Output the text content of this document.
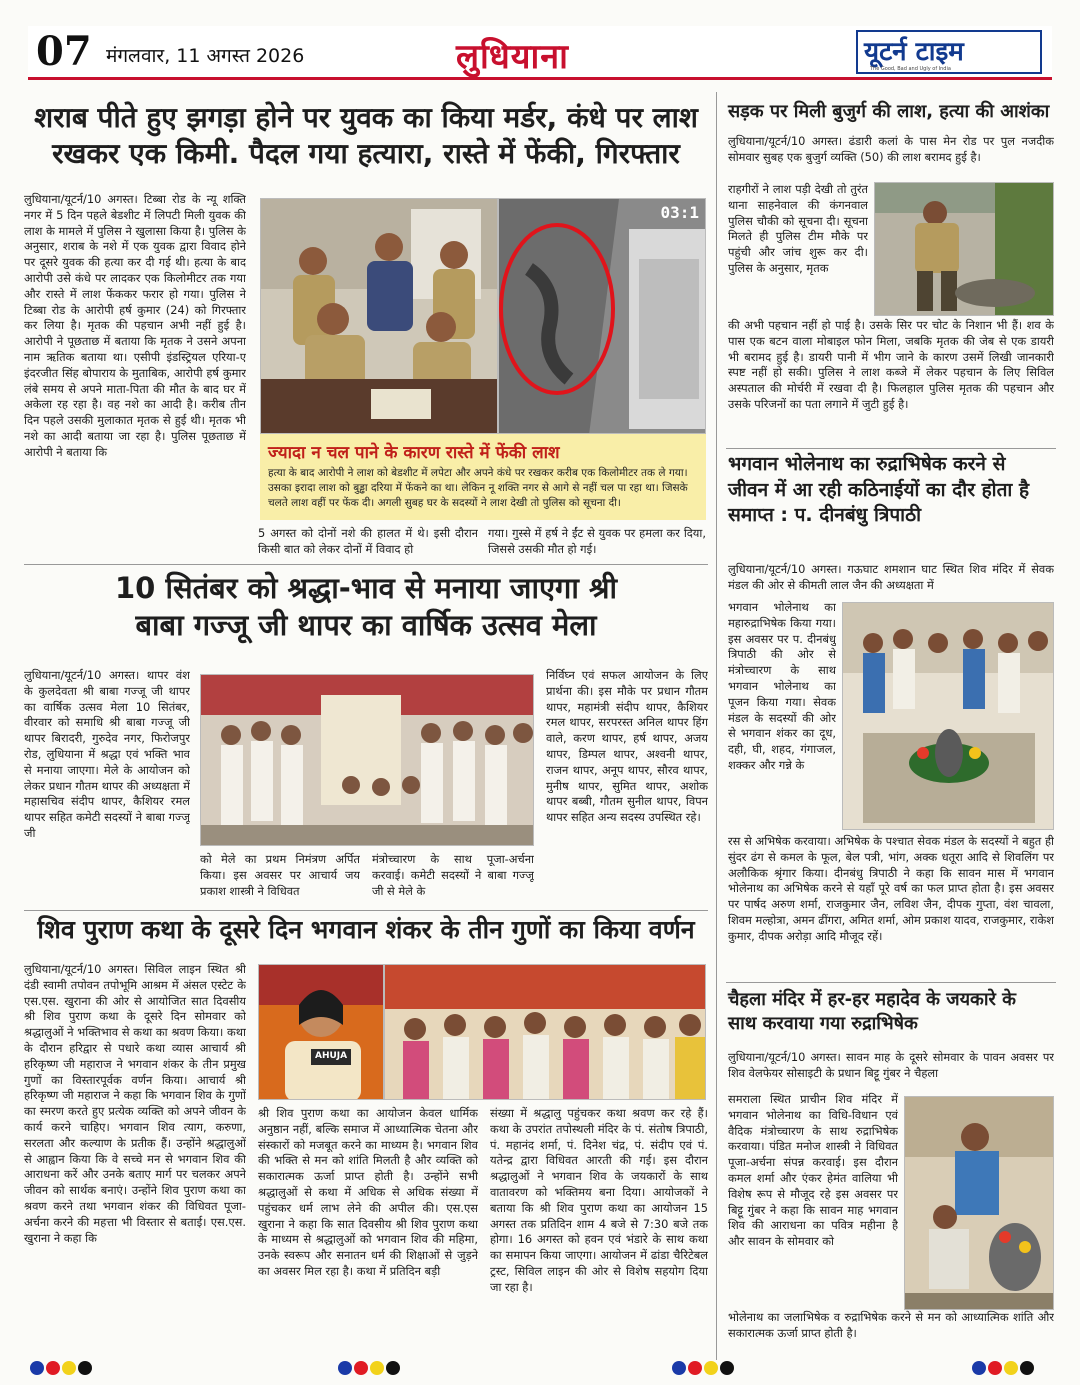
07 मंगलवार, 11 अगस्त 2026	लुधियाना	यूटर्न टाइम
The Good, Bad and Ugly of India
शराब पीते हुए झगड़ा होने पर युवक का किया मर्डर, कंधे पर लाश
रखकर एक किमी. पैदल गया हत्यारा, रास्ते में फेंकी, गिरफ्तार
लुधियाना/यूटर्न/10 अगस्त। टिब्बा रोड के न्यू शक्ति नगर में 5 दिन पहले बेडशीट में लिपटी मिली युवक की लाश के मामले में पुलिस ने खुलासा किया है। पुलिस के अनुसार, शराब के नशे में एक युवक द्वारा विवाद होने पर दूसरे युवक की हत्या कर दी गई थी। हत्या के बाद आरोपी उसे कंधे पर लादकर एक किलोमीटर तक गया और रास्ते में लाश फेंककर फरार हो गया। पुलिस ने टिब्बा रोड के आरोपी हर्ष कुमार (24) को गिरफ्तार कर लिया है। मृतक की पहचान अभी नहीं हुई है। आरोपी ने पूछताछ में बताया कि मृतक ने उसने अपना नाम ऋतिक बताया था। एसीपी इंडस्ट्रियल एरिया-ए इंदरजीत सिंह बोपाराय के मुताबिक, आरोपी हर्ष कुमार लंबे समय से अपने माता-पिता की मौत के बाद घर में अकेला रह रहा है। वह नशे का आदी है। करीब तीन दिन पहले उसकी मुलाकात मृतक से हुई थी। मृतक भी नशे का आदी बताया जा रहा है। पुलिस पूछताछ में आरोपी ने बताया कि
03:1
ज्यादा न चल पाने के कारण रास्ते में फेंकी लाश
हत्या के बाद आरोपी ने लाश को बेडशीट में लपेटा और अपने कंधे पर रखकर करीब एक किलोमीटर तक ले गया। उसका इरादा लाश को बुड्ढा दरिया में फेंकने का था। लेकिन नू शक्ति नगर से आगे से नहीं चल पा रहा था। जिसके चलते लाश वहीं पर फेंक दी। अगली सुबह घर के सदस्यों ने लाश देखी तो पुलिस को सूचना दी।
5 अगस्त को दोनों नशे की हालत में थे। इसी दौरान किसी बात को लेकर दोनों में विवाद हो
गया। गुस्से में हर्ष ने ईंट से युवक पर हमला कर दिया, जिससे उसकी मौत हो गई।
10 सितंबर को श्रद्धा-भाव से मनाया जाएगा श्री
बाबा गज्जू जी थापर का वार्षिक उत्सव मेला
लुधियाना/यूटर्न/10 अगस्त। थापर वंश के कुलदेवता श्री बाबा गज्जू जी थापर का वार्षिक उत्सव मेला 10 सितंबर, वीरवार को समाधि श्री बाबा गज्जू जी थापर बिरादरी, गुरुदेव नगर, फिरोजपुर रोड, लुधियाना में श्रद्धा एवं भक्ति भाव से मनाया जाएगा। मेले के आयोजन को लेकर प्रधान गौतम थापर की अध्यक्षता में महासचिव संदीप थापर, कैशियर रमल थापर सहित कमेटी सदस्यों ने बाबा गज्जू जी
को मेले का प्रथम निमंत्रण अर्पित किया। इस अवसर पर आचार्य जय प्रकाश शास्त्री ने विधिवत
मंत्रोच्चारण के साथ पूजा-अर्चना करवाई। कमेटी सदस्यों ने बाबा गज्जू जी से मेले के
निर्विघ्न एवं सफल आयोजन के लिए प्रार्थना की। इस मौके पर प्रधान गौतम थापर, महामंत्री संदीप थापर, कैशियर रमल थापर, सरपरस्त अनिल थापर हिंग वाले, करण थापर, हर्ष थापर, अजय थापर, डिम्पल थापर, अश्वनी थापर, राजन थापर, अनूप थापर, सौरव थापर, मुनीष थापर, सुमित थापर, अशोक थापर बब्बी, गौतम सुनील थापर, विपन थापर सहित अन्य सदस्य उपस्थित रहे।
शिव पुराण कथा के दूसरे दिन भगवान शंकर के तीन गुणों का किया वर्णन
लुधियाना/यूटर्न/10 अगस्त। सिविल लाइन स्थित श्री दंडी स्वामी तपोवन तपोभूमि आश्रम में अंसल एस्टेट के एस.एस. खुराना की ओर से आयोजित सात दिवसीय श्री शिव पुराण कथा के दूसरे दिन सोमवार को श्रद्धालुओं ने भक्तिभाव से कथा का श्रवण किया। कथा के दौरान हरिद्वार से पधारे कथा व्यास आचार्य श्री हरिकृष्ण जी महाराज ने भगवान शंकर के तीन प्रमुख गुणों का विस्तारपूर्वक वर्णन किया। आचार्य श्री हरिकृष्ण जी महाराज ने कहा कि भगवान शिव के गुणों का स्मरण करते हुए प्रत्येक व्यक्ति को अपने जीवन के कार्य करने चाहिए। भगवान शिव त्याग, करुणा, सरलता और कल्याण के प्रतीक हैं। उन्होंने श्रद्धालुओं से आह्वान किया कि वे सच्चे मन से भगवान शिव की आराधना करें और उनके बताए मार्ग पर चलकर अपने जीवन को सार्थक बनाएं। उन्होंने शिव पुराण कथा का श्रवण करने तथा भगवान शंकर की विधिवत पूजा-अर्चना करने की महत्ता भी विस्तार से बताई। एस.एस. खुराना ने कहा कि
AHUJA
श्री शिव पुराण कथा का आयोजन केवल धार्मिक अनुष्ठान नहीं, बल्कि समाज में आध्यात्मिक चेतना और संस्कारों को मजबूत करने का माध्यम है। भगवान शिव की भक्ति से मन को शांति मिलती है और व्यक्ति को सकारात्मक ऊर्जा प्राप्त होती है। उन्होंने सभी श्रद्धालुओं से कथा में अधिक से अधिक संख्या में पहुंचकर धर्म लाभ लेने की अपील की। एस.एस खुराना ने कहा कि सात दिवसीय श्री शिव पुराण कथा के माध्यम से श्रद्धालुओं को भगवान शिव की महिमा, उनके स्वरूप और सनातन धर्म की शिक्षाओं से जुड़ने का अवसर मिल रहा है। कथा में प्रतिदिन बड़ी
संख्या में श्रद्धालु पहुंचकर कथा श्रवण कर रहे हैं। कथा के उपरांत तपोस्थली मंदिर के पं. संतोष त्रिपाठी, पं. महानंद शर्मा, पं. दिनेश चंद्र, पं. संदीप एवं पं. यतेन्द्र द्वारा विधिवत आरती की गई। इस दौरान श्रद्धालुओं ने भगवान शिव के जयकारों के साथ वातावरण को भक्तिमय बना दिया। आयोजकों ने बताया कि श्री शिव पुराण कथा का आयोजन 15 अगस्त तक प्रतिदिन शाम 4 बजे से 7:30 बजे तक होगा। 16 अगस्त को हवन एवं भंडारे के साथ कथा का समापन किया जाएगा। आयोजन में ढांडा चैरिटेबल ट्रस्ट, सिविल लाइन की ओर से विशेष सहयोग दिया जा रहा है।
सड़क पर मिली बुजुर्ग की लाश, हत्या की आशंका
लुधियाना/यूटर्न/10 अगस्त। ढंडारी कलां के पास मेन रोड पर पुल नजदीक सोमवार सुबह एक बुजुर्ग व्यक्ति (50) की लाश बरामद हुई है।
राहगीरों ने लाश पड़ी देखी तो तुरंत थाना साहनेवाल की कंगनवाल पुलिस चौकी को सूचना दी। सूचना मिलते ही पुलिस टीम मौके पर पहुंची और जांच शुरू कर दी। पुलिस के अनुसार, मृतक
की अभी पहचान नहीं हो पाई है। उसके सिर पर चोट के निशान भी हैं। शव के पास एक बटन वाला मोबाइल फोन मिला, जबकि मृतक की जेब से एक डायरी भी बरामद हुई है। डायरी पानी में भीग जाने के कारण उसमें लिखी जानकारी स्पष्ट नहीं हो सकी। पुलिस ने लाश कब्जे में लेकर पहचान के लिए सिविल अस्पताल की मोर्चरी में रखवा दी है। फिलहाल पुलिस मृतक की पहचान और उसके परिजनों का पता लगाने में जुटी हुई है।
भगवान भोलेनाथ का रुद्राभिषेक करने से
जीवन में आ रही कठिनाईयों का दौर होता है
समाप्त : प. दीनबंधु त्रिपाठी
लुधियाना/यूटर्न/10 अगस्त। गऊघाट शमशान घाट स्थित शिव मंदिर में सेवक मंडल की ओर से कीमती लाल जैन की अध्यक्षता में
भगवान भोलेनाथ का महारुद्राभिषेक किया गया। इस अवसर पर प. दीनबंधु त्रिपाठी की ओर से मंत्रोच्चारण के साथ भगवान भोलेनाथ का पूजन किया गया। सेवक मंडल के सदस्यों की ओर से भगवान शंकर का दूध, दही, घी, शहद, गंगाजल, शक्कर और गन्ने के
रस से अभिषेक करवाया। अभिषेक के पश्चात सेवक मंडल के सदस्यों ने बहुत ही सुंदर ढंग से कमल के फूल, बेल पत्री, भांग, अक्क धतूरा आदि से शिवलिंग पर अलौकिक श्रृंगार किया। दीनबंधु त्रिपाठी ने कहा कि सावन मास में भगवान भोलेनाथ का अभिषेक करने से यहाँ पूरे वर्ष का फल प्राप्त होता है। इस अवसर पर पार्षद अरुण शर्मा, राजकुमार जैन, लविश जैन, दीपक गुप्ता, वंश चावला, शिवम मल्होत्रा, अमन ढींगरा, अमित शर्मा, ओम प्रकाश यादव, राजकुमार, राकेश कुमार, दीपक अरोड़ा आदि मौजूद रहें।
चैहला मंदिर में हर-हर महादेव के जयकारे के
साथ करवाया गया रुद्राभिषेक
लुधियाना/यूटर्न/10 अगस्त। सावन माह के दूसरे सोमवार के पावन अवसर पर शिव वेलफेयर सोसाइटी के प्रधान बिट्टू गुंबर ने चैहला
समराला स्थित प्राचीन शिव मंदिर में भगवान भोलेनाथ का विधि-विधान एवं वैदिक मंत्रोच्चारण के साथ रुद्राभिषेक करवाया। पंडित मनोज शास्त्री ने विधिवत पूजा-अर्चना संपन्न करवाई। इस दौरान कमल शर्मा और एंकर हेमंत वालिया भी विशेष रूप से मौजूद रहे इस अवसर पर बिट्टू गुंबर ने कहा कि सावन माह भगवान शिव की आराधना का पवित्र महीना है और सावन के सोमवार को
भोलेनाथ का जलाभिषेक व रुद्राभिषेक करने से मन को आध्यात्मिक शांति और सकारात्मक ऊर्जा प्राप्त होती है।
